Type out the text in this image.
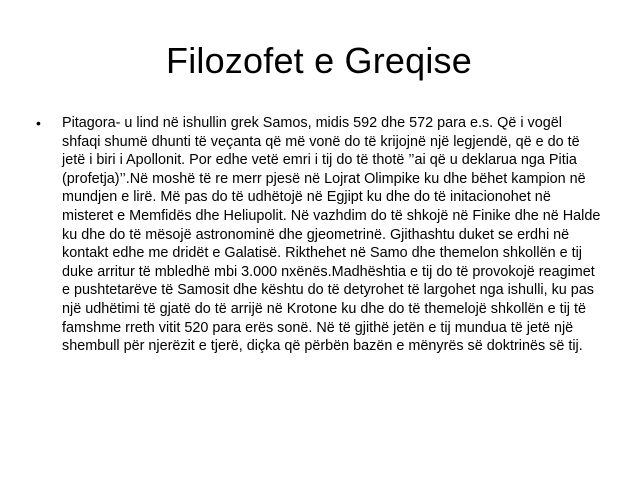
Filozofet e Greqise
•	Pitagora- u lind në ishullin grek Samos, midis 592 dhe 572 para e.s. Që i vogël shfaqi shumë dhunti të veçanta që më vonë do të krijojnë një legjendë, që e do të jetë i biri i Apollonit. Por edhe vetë emri i tij do të thotë ’’ai që u deklarua nga Pitia (profetja)’’.Në moshë të re merr pjesë në Lojrat Olimpike ku dhe bëhet kampion në mundjen e lirë. Më pas do të udhëtojë në Egjipt ku dhe do të initacionohet në misteret e Memfidës dhe Heliupolit. Në vazhdim do të shkojë në Finike dhe në Halde ku dhe do të mësojë astronominë dhe gjeometrinë. Gjithashtu duket se erdhi në kontakt edhe me dridët e Galatisë. Rikthehet në Samo dhe themelon shkollën e tij duke arritur të mbledhë mbi 3.000 nxënës.Madhështia e tij do të provokojë reagimet e pushtetarëve të Samosit dhe kështu do të detyrohet të largohet nga ishulli, ku pas një udhëtimi të gjatë do të arrijë në Krotone ku dhe do të themelojë shkollën e tij të famshme rreth vitit 520 para erës sonë. Në të gjithë jetën e tij mundua të jetë një shembull për njerëzit e tjerë, diçka që përbën bazën e mënyrës së doktrinës së tij.
